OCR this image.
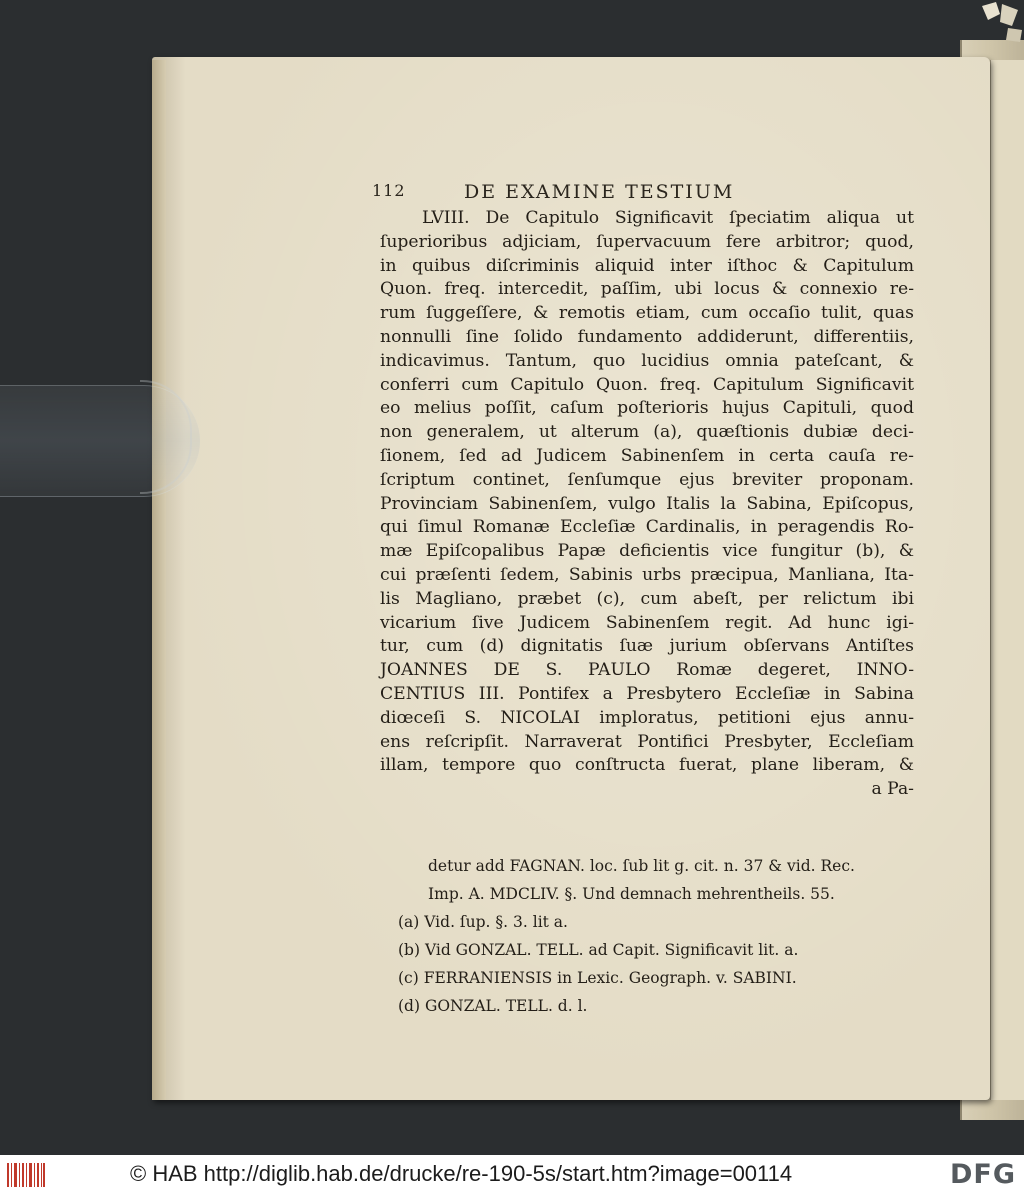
112	DE EXAMINE TESTIUM
LVIII. De Capitulo Significavit ſpeciatim aliqua ut
ſuperioribus adjiciam, ſupervacuum fere arbitror; quod,
in quibus diſcriminis aliquid inter iſthoc & Capitulum
Quon. freq. intercedit, paſſim, ubi locus & connexio re-
rum ſuggeſſere, & remotis etiam, cum occaſio tulit, quas
nonnulli ſine ſolido fundamento addiderunt, differentiis,
indicavimus. Tantum, quo lucidius omnia pateſcant, &
conferri cum Capitulo Quon. freq. Capitulum Significavit
eo melius poſſit, caſum poſterioris hujus Capituli, quod
non generalem, ut alterum (a), quæſtionis dubiæ deci-
ſionem, ſed ad Judicem Sabinenſem in certa cauſa re-
ſcriptum continet, ſenſumque ejus breviter proponam.
Provinciam Sabinenſem, vulgo Italis la Sabina, Epiſcopus,
qui ſimul Romanæ Eccleſiæ Cardinalis, in peragendis Ro-
mæ Epiſcopalibus Papæ deficientis vice fungitur (b), &
cui præſenti ſedem, Sabinis urbs præcipua, Manliana, Ita-
lis Magliano, præbet (c), cum abeſt, per relictum ibi
vicarium ſive Judicem Sabinenſem regit. Ad hunc igi-
tur, cum (d) dignitatis ſuæ jurium obſervans Antiſtes
JOANNES DE S. PAULO Romæ degeret, INNO-
CENTIUS III. Pontifex a Presbytero Eccleſiæ in Sabina
diœceſi S. NICOLAI imploratus, petitioni ejus annu-
ens reſcripſit. Narraverat Pontifici Presbyter, Eccleſiam
illam, tempore quo conſtructa fuerat, plane liberam, &
a Pa-
detur add FAGNAN. loc. ſub lit g. cit. n. 37 & vid. Rec.
Imp. A. MDCLIV. §. Und demnach mehrentheils. 55.
(a) Vid. ſup. §. 3. lit a.
(b) Vid GONZAL. TELL. ad Capit. Significavit lit. a.
(c) FERRANIENSIS in Lexic. Geograph. v. SABINI.
(d) GONZAL. TELL. d. l.
© HAB http://diglib.hab.de/drucke/re-190-5s/start.htm?image=00114	DFG
